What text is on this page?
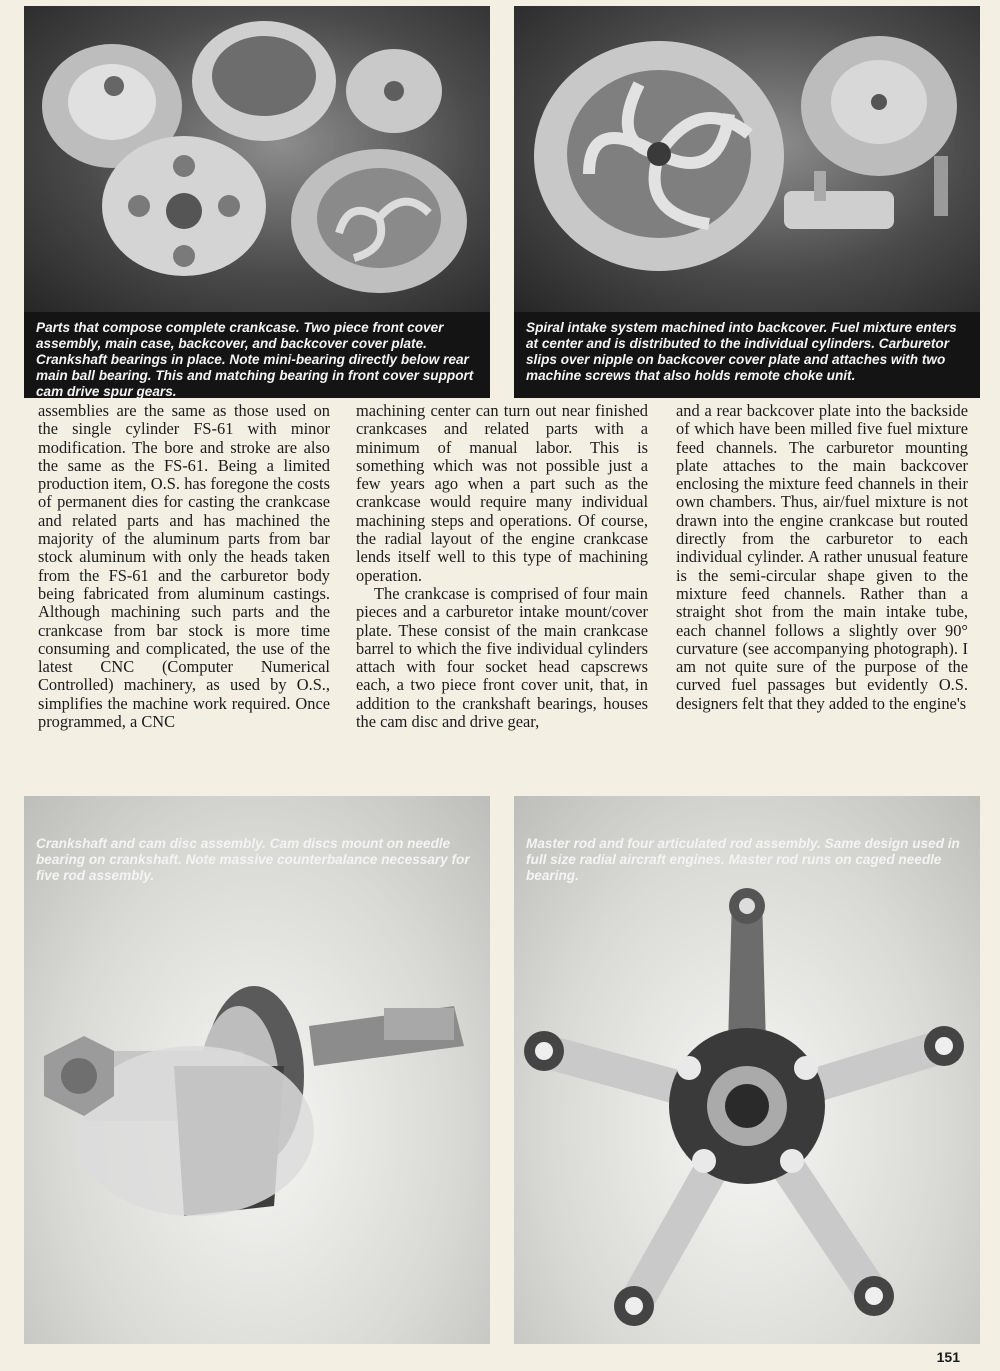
Parts that compose complete crankcase. Two piece front cover assembly, main case, backcover, and backcover cover plate. Crankshaft bearings in place. Note mini-bearing directly below rear main ball bearing. This and matching bearing in front cover support cam drive spur gears.
Spiral intake system machined into backcover. Fuel mixture enters at center and is distributed to the individual cylinders. Carburetor slips over nipple on backcover cover plate and attaches with two machine screws that also holds remote choke unit.

assemblies are the same as those used on the single cylinder FS-61 with minor modification. The bore and stroke are also the same as the FS-61. Being a limited production item, O.S. has foregone the costs of permanent dies for casting the crankcase and related parts and has machined the majority of the aluminum parts from bar stock aluminum with only the heads taken from the FS-61 and the carburetor body being fabricated from aluminum castings. Although machining such parts and the crankcase from bar stock is more time consuming and complicated, the use of the latest CNC (Computer Numerical Controlled) machinery, as used by O.S., simplifies the machine work required. Once programmed, a CNC

machining center can turn out near finished crankcases and related parts with a minimum of manual labor. This is something which was not possible just a few years ago when a part such as the crankcase would require many individual machining steps and operations. Of course, the radial layout of the engine crankcase lends itself well to this type of machining operation.

The crankcase is comprised of four main pieces and a carburetor intake mount/cover plate. These consist of the main crankcase barrel to which the five individual cylinders attach with four socket head capscrews each, a two piece front cover unit, that, in addition to the crankshaft bearings, houses the cam disc and drive gear,

and a rear backcover plate into the backside of which have been milled five fuel mixture feed channels. The carburetor mounting plate attaches to the main backcover enclosing the mixture feed channels in their own chambers. Thus, air/fuel mixture is not drawn into the engine crankcase but routed directly from the carburetor to each individual cylinder. A rather unusual feature is the semi-circular shape given to the mixture feed channels. Rather than a straight shot from the main intake tube, each channel follows a slightly over 90° curvature (see accompanying photograph). I am not quite sure of the purpose of the curved fuel passages but evidently O.S. designers felt that they added to the engine's

Crankshaft and cam disc assembly. Cam discs mount on needle bearing on crankshaft. Note massive counterbalance necessary for five rod assembly.
Master rod and four articulated rod assembly. Same design used in full size radial aircraft engines. Master rod runs on caged needle bearing.
151
